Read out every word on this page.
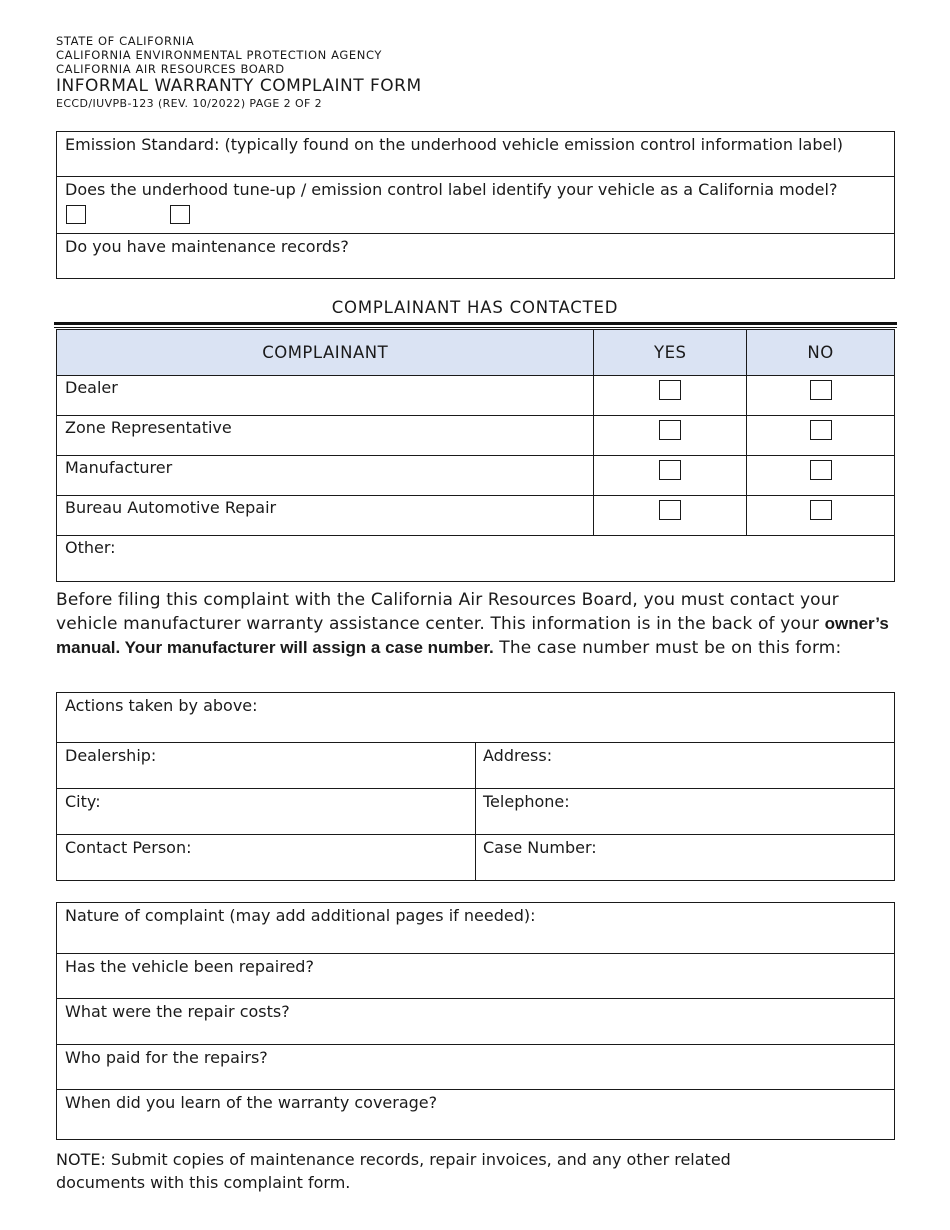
STATE OF CALIFORNIA
CALIFORNIA ENVIRONMENTAL PROTECTION AGENCY
CALIFORNIA AIR RESOURCES BOARD
INFORMAL WARRANTY COMPLAINT FORM
ECCD/IUVPB-123 (REV. 10/2022) PAGE 2 OF 2
Emission Standard: (typically found on the underhood vehicle emission control information label)
Does the underhood tune-up / emission control label identify your vehicle as a California model?
Do you have maintenance records?
COMPLAINANT HAS CONTACTED
COMPLAINANT	YES	NO
Dealer		
Zone Representative		
Manufacturer		
Bureau Automotive Repair		
Other:		
Before filing this complaint with the California Air Resources Board, you must contact your vehicle manufacturer warranty assistance center. This information is in the back of your owner’s manual. Your manufacturer will assign a case number. The case number must be on this form:
Actions taken by above:
Dealership:	Address:
City:	Telephone:
Contact Person:	Case Number:
Nature of complaint (may add additional pages if needed):
Has the vehicle been repaired?
What were the repair costs?
Who paid for the repairs?
When did you learn of the warranty coverage?
NOTE: Submit copies of maintenance records, repair invoices, and any other related documents with this complaint form.
